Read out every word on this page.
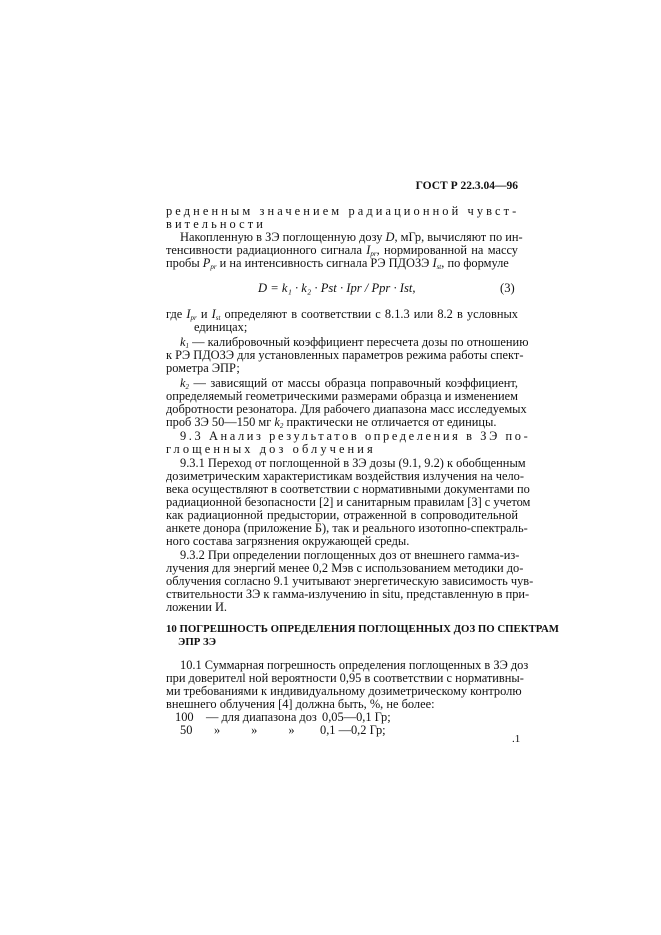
ГОСТ Р 22.3.04—96
редненным значением радиационной чувст-
вительности
Накопленную в ЗЭ поглощенную дозу D, мГр, вычисляют по ин-
тенсивности радиационного сигнала $I_{pr}$, нормированной на массу
пробы $P_{pr}$ и на интенсивность сигнала РЭ ПДОЗЭ $I_{st}$, по формуле
D = k₁ · k₂ · Pst · Ipr / Ppr · Ist,	(3)
где $I_{pr}$ и $I_{st}$ определяют в соответствии с 8.1.3 или 8.2 в условных
единицах;
$k_1$ — калибровочный коэффициент пересчета дозы по отношению
к РЭ ПДОЗЭ для установленных параметров режима работы спект-
рометра ЭПР;
$k_2$ — зависящий от массы образца поправочный коэффициент,
определяемый геометрическими размерами образца и изменением
добротности резонатора. Для рабочего диапазона масс исследуемых
проб ЗЭ 50—150 мг $k_2$ практически не отличается от единицы.
9.3 Анализ результатов определения в ЗЭ по-
глощенных доз облучения
9.3.1 Переход от поглощенной в ЗЭ дозы (9.1, 9.2) к обобщенным
дозиметрическим характеристикам воздействия излучения на чело-
века осуществляют в соответствии с нормативными документами по
радиационной безопасности [2] и санитарным правилам [3] с учетом
как радиационной предыстории, отраженной в сопроводительной
анкете донора (приложение Б), так и реального изотопно-спектраль-
ного состава загрязнения окружающей среды.
9.3.2 При определении поглощенных доз от внешнего гамма-из-
лучения для энергий менее 0,2 Мэв с использованием методики до-
облучения согласно 9.1 учитывают энергетическую зависимость чув-
ствительности ЗЭ к гамма-излучению in situ, представленную в при-
ложении И.
10 ПОГРЕШНОСТЬ ОПРЕДЕЛЕНИЯ ПОГЛОЩЕННЫХ ДОЗ ПО СПЕКТРАМ
ЭПР ЗЭ
10.1 Суммарная погрешность определения поглощенных в ЗЭ доз
при доверителl ной вероятности 0,95 в соответствии с нормативны-
ми требованиями к индивидуальному дозиметрическому контролю
внешнего облучения [4] должна быть, %, не более:
100	— для диапазона доз 0,05—0,1 Гр;
50	»          »          »	0,1 —0,2 Гр;
.1
